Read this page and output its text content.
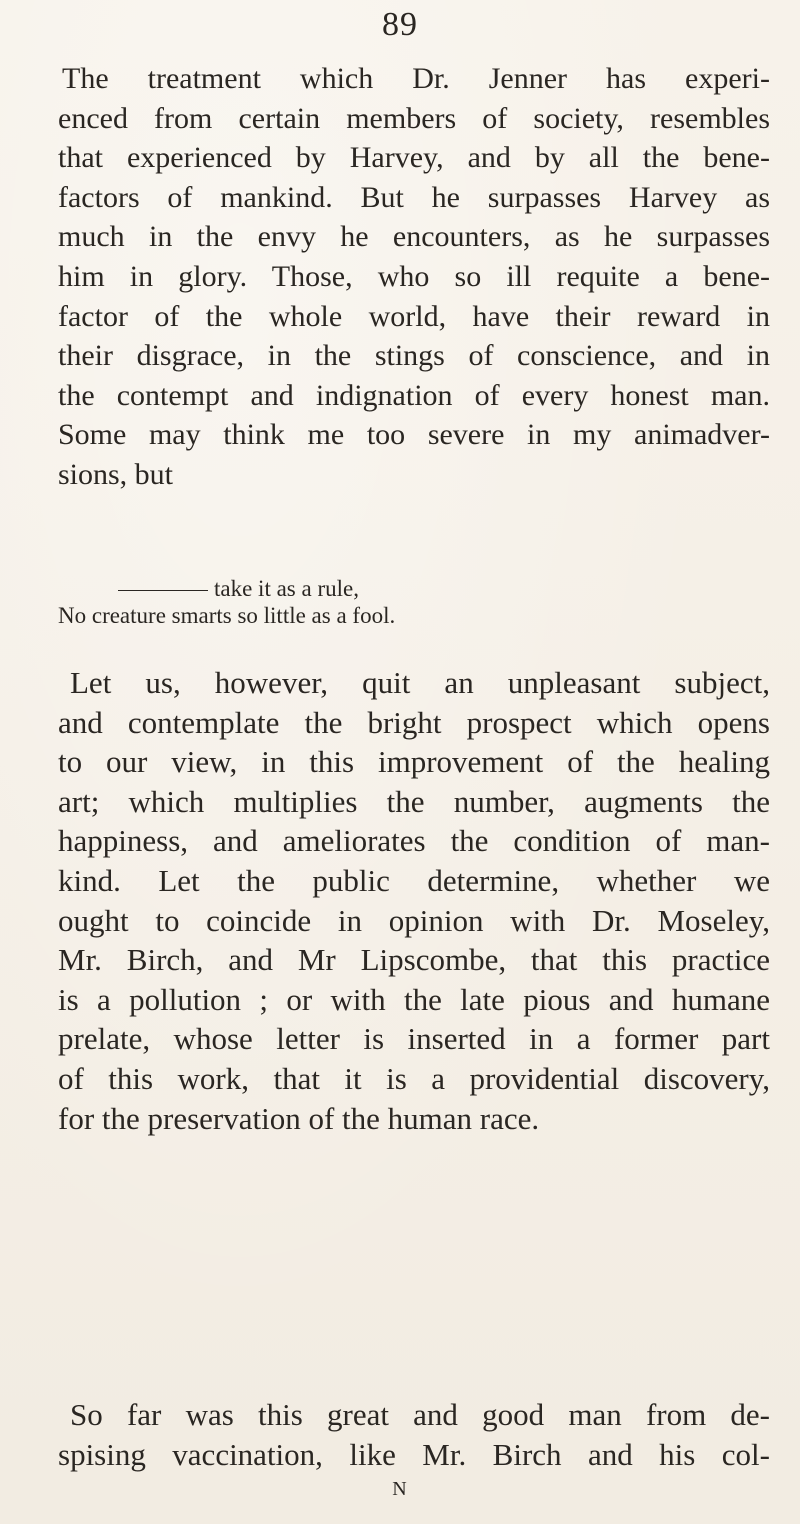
89

The treatment which Dr. Jenner has experi-
enced from certain members of society, resembles
that experienced by Harvey, and by all the bene-
factors of mankind. But he surpasses Harvey as
much in the envy he encounters, as he surpasses
him in glory. Those, who so ill requite a bene-
factor of the whole world, have their reward in
their disgrace, in the stings of conscience, and in
the contempt and indignation of every honest man.
Some may think me too severe in my animadver-
sions, but

take it as a rule,
No creature smarts so little as a fool.

Let us, however, quit an unpleasant subject,
and contemplate the bright prospect which opens
to our view, in this improvement of the healing
art; which multiplies the number, augments the
happiness, and ameliorates the condition of man-
kind. Let the public determine, whether we
ought to coincide in opinion with Dr. Moseley,
Mr. Birch, and Mr Lipscombe, that this practice
is a pollution ; or with the late pious and humane
prelate, whose letter is inserted in a former part
of this work, that it is a providential discovery,
for the preservation of the human race.

So far was this great and good man from de-
spising vaccination, like Mr. Birch and his col-

N
